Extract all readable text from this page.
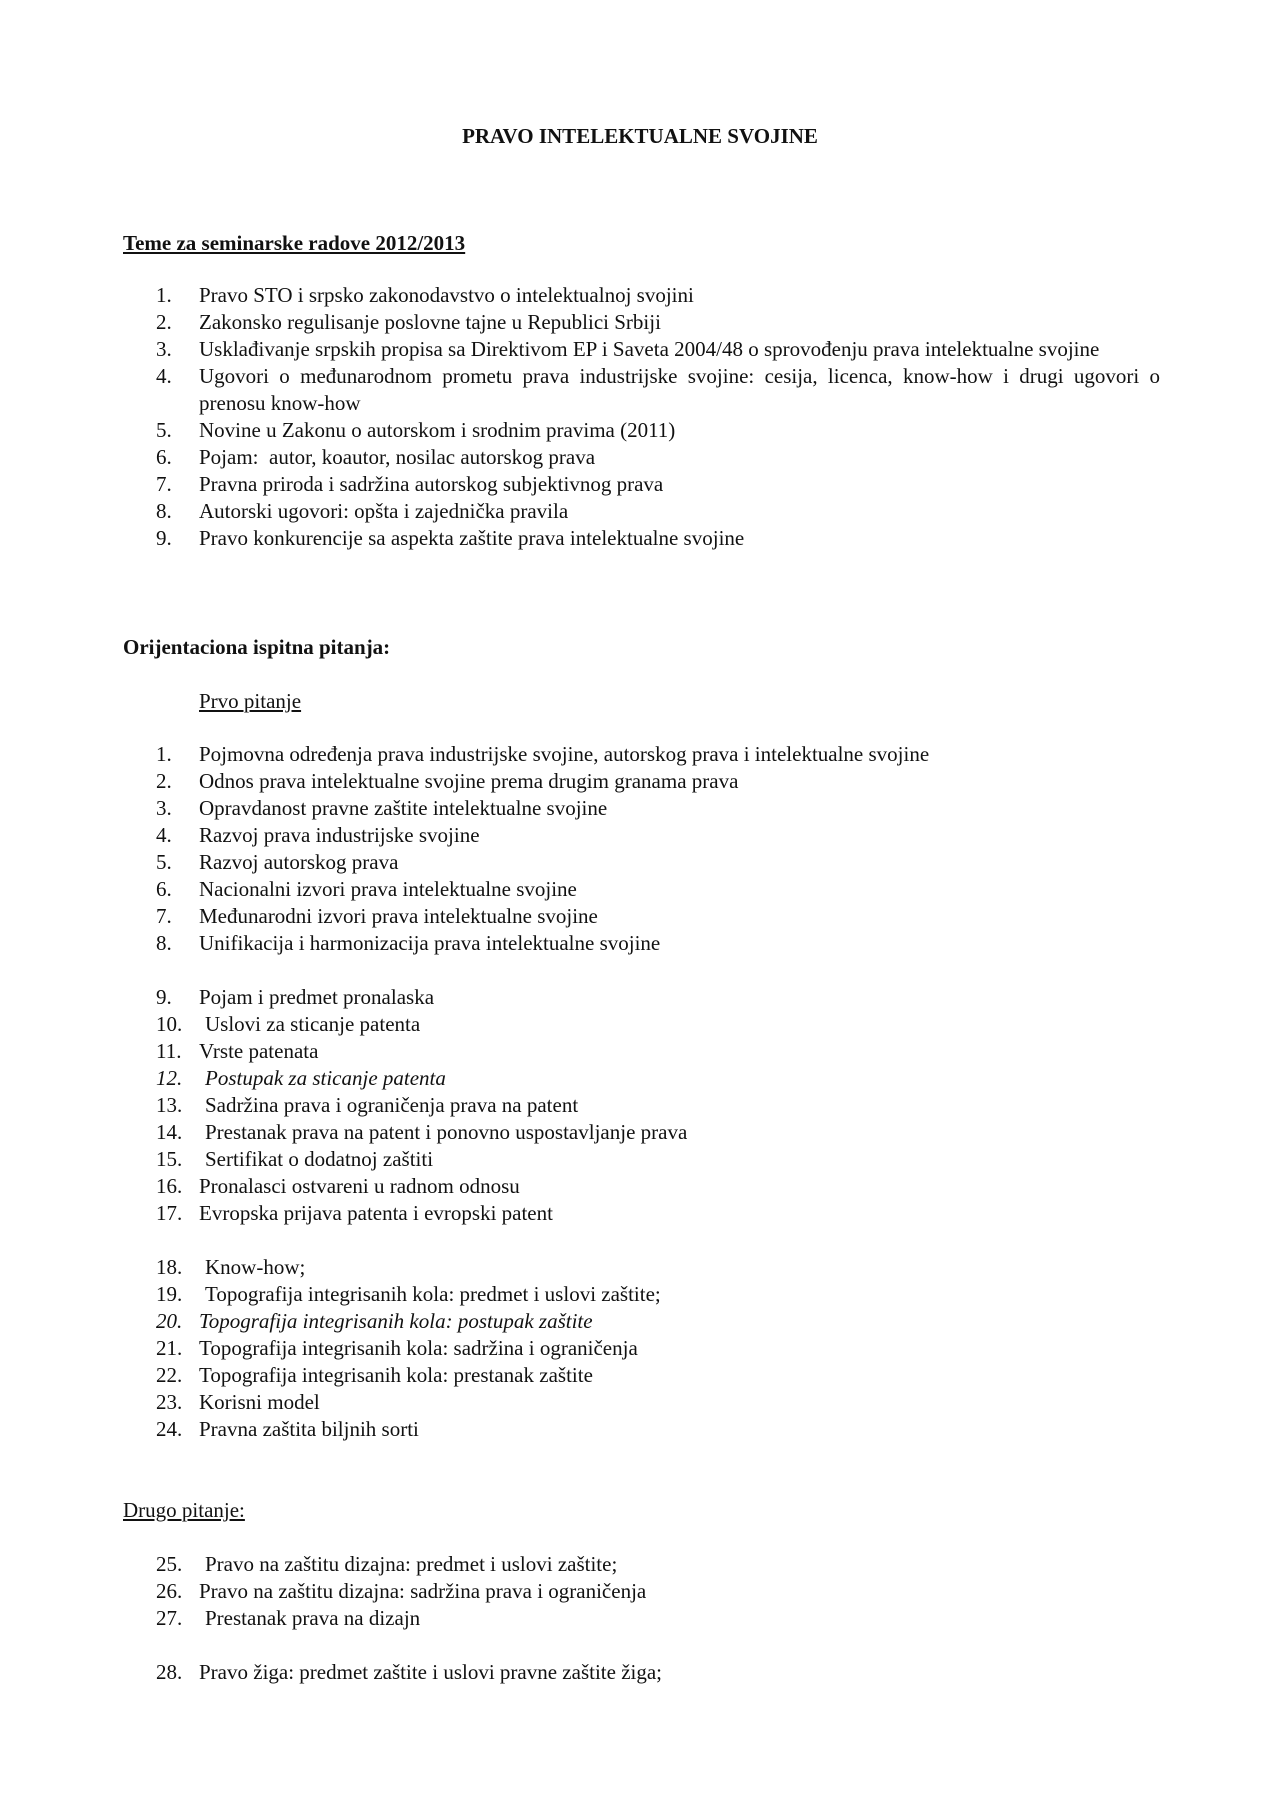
PRAVO INTELEKTUALNE SVOJINE
Teme za seminarske radove 2012/2013
1.	Pravo STO i srpsko zakonodavstvo o intelektualnoj svojini
2.	Zakonsko regulisanje poslovne tajne u Republici Srbiji
3.	Usklađivanje srpskih propisa sa Direktivom EP i Saveta 2004/48 o sprovođenju prava intelektualne svojine
4.	Ugovori o međunarodnom prometu prava industrijske svojine: cesija, licenca, know-how i drugi ugovori o prenosu know-how
5.	Novine u Zakonu o autorskom i srodnim pravima (2011)
6.	Pojam:  autor, koautor, nosilac autorskog prava
7.	Pravna priroda i sadržina autorskog subjektivnog prava
8.	Autorski ugovori: opšta i zajednička pravila
9.	Pravo konkurencije sa aspekta zaštite prava intelektualne svojine
Orijentaciona ispitna pitanja:
Prvo pitanje
1.	Pojmovna određenja prava industrijske svojine, autorskog prava i intelektualne svojine
2.	Odnos prava intelektualne svojine prema drugim granama prava
3.	Opravdanost pravne zaštite intelektualne svojine
4.	Razvoj prava industrijske svojine
5.	Razvoj autorskog prava
6.	Nacionalni izvori prava intelektualne svojine
7.	Međunarodni izvori prava intelektualne svojine
8.	Unifikacija i harmonizacija prava intelektualne svojine
9.	Pojam i predmet pronalaska
10.	Uslovi za sticanje patenta
11. Vrste patenata
12.	Postupak za sticanje patenta
13.	Sadržina prava i ograničenja prava na patent
14.	Prestanak prava na patent i ponovno uspostavljanje prava
15.	Sertifikat o dodatnoj zaštiti
16. Pronalasci ostvareni u radnom odnosu
17. Evropska prijava patenta i evropski patent
18.	Know-how;
19.	Topografija integrisanih kola: predmet i uslovi zaštite;
20. Topografija integrisanih kola: postupak zaštite
21. Topografija integrisanih kola: sadržina i ograničenja
22. Topografija integrisanih kola: prestanak zaštite
23. Korisni model
24. Pravna zaštita biljnih sorti
Drugo pitanje:
25.	Pravo na zaštitu dizajna: predmet i uslovi zaštite;
26. Pravo na zaštitu dizajna: sadržina prava i ograničenja
27.	Prestanak prava na dizajn
28. Pravo žiga: predmet zaštite i uslovi pravne zaštite žiga;
